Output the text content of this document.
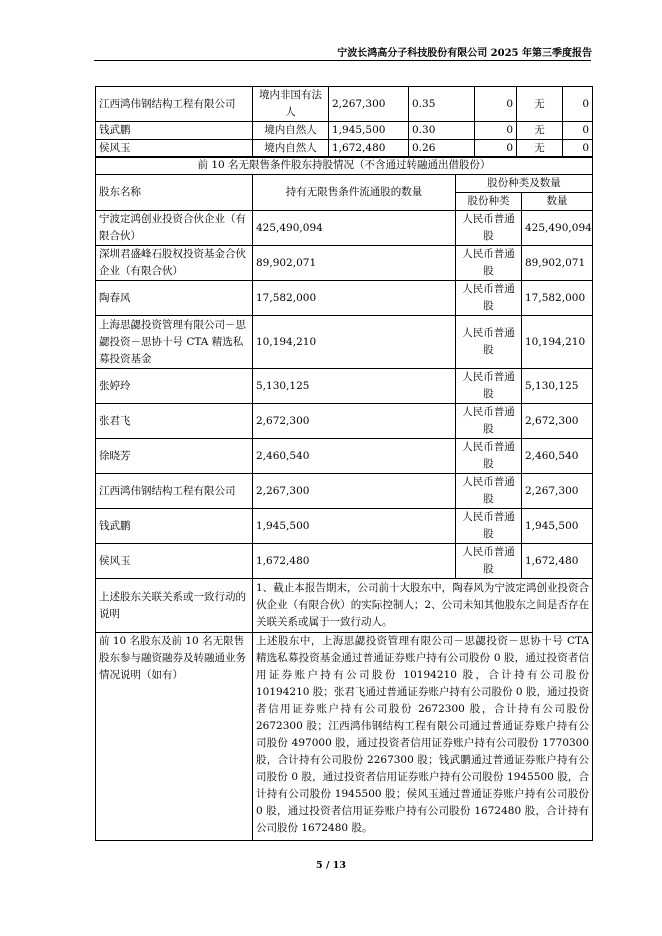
宁波长鸿高分子科技股份有限公司 2025 年第三季度报告
江西鸿伟钢结构工程有限公司	境内非国有法人	2,267,300	0.35	0	无	0
钱武鹏	境内自然人	1,945,500	0.30	0	无	0
侯风玉	境内自然人	1,672,480	0.26	0	无	0
前 10 名无限售条件股东持股情况（不含通过转融通出借股份）			
股东名称	持有无限售条件流通股的数量	股份种类及数量	
		股份种类	数量
宁波定鸿创业投资合伙企业（有限合伙）	425,490,094	人民币普通股	425,490,094
深圳君盛峰石股权投资基金合伙企业（有限合伙）	89,902,071	人民币普通股	89,902,071
陶春风	17,582,000	人民币普通股	17,582,000
上海思勰投资管理有限公司－思勰投资－思协十号 CTA 精选私募投资基金	10,194,210	人民币普通股	10,194,210
张婷玲	5,130,125	人民币普通股	5,130,125
张君飞	2,672,300	人民币普通股	2,672,300
徐晓芳	2,460,540	人民币普通股	2,460,540
江西鸿伟钢结构工程有限公司	2,267,300	人民币普通股	2,267,300
钱武鹏	1,945,500	人民币普通股	1,945,500
侯风玉	1,672,480	人民币普通股	1,672,480
上述股东关联关系或一致行动的说明	1、截止本报告期末，公司前十大股东中，陶春风为宁波定鸿创业投资合伙企业（有限合伙）的实际控制人；2、公司未知其他股东之间是否存在关联关系或属于一致行动人。		
前 10 名股东及前 10 名无限售股东参与融资融券及转融通业务情况说明（如有）	上述股东中，上海思勰投资管理有限公司－思勰投资－思协十号 CTA 精选私募投资基金通过普通证券账户持有公司股份 0 股，通过投资者信用证券账户持有公司股份 10194210 股，合计持有公司股份 10194210 股；张君飞通过普通证券账户持有公司股份 0 股，通过投资者信用证券账户持有公司股份 2672300 股，合计持有公司股份 2672300 股；江西鸿伟钢结构工程有限公司通过普通证券账户持有公司股份 497000 股，通过投资者信用证券账户持有公司股份 1770300 股，合计持有公司股份 2267300 股；钱武鹏通过普通证券账户持有公司股份 0 股，通过投资者信用证券账户持有公司股份 1945500 股，合计持有公司股份 1945500 股；侯风玉通过普通证券账户持有公司股份 0 股，通过投资者信用证券账户持有公司股份 1672480 股，合计持有公司股份 1672480 股。		
5 / 13
